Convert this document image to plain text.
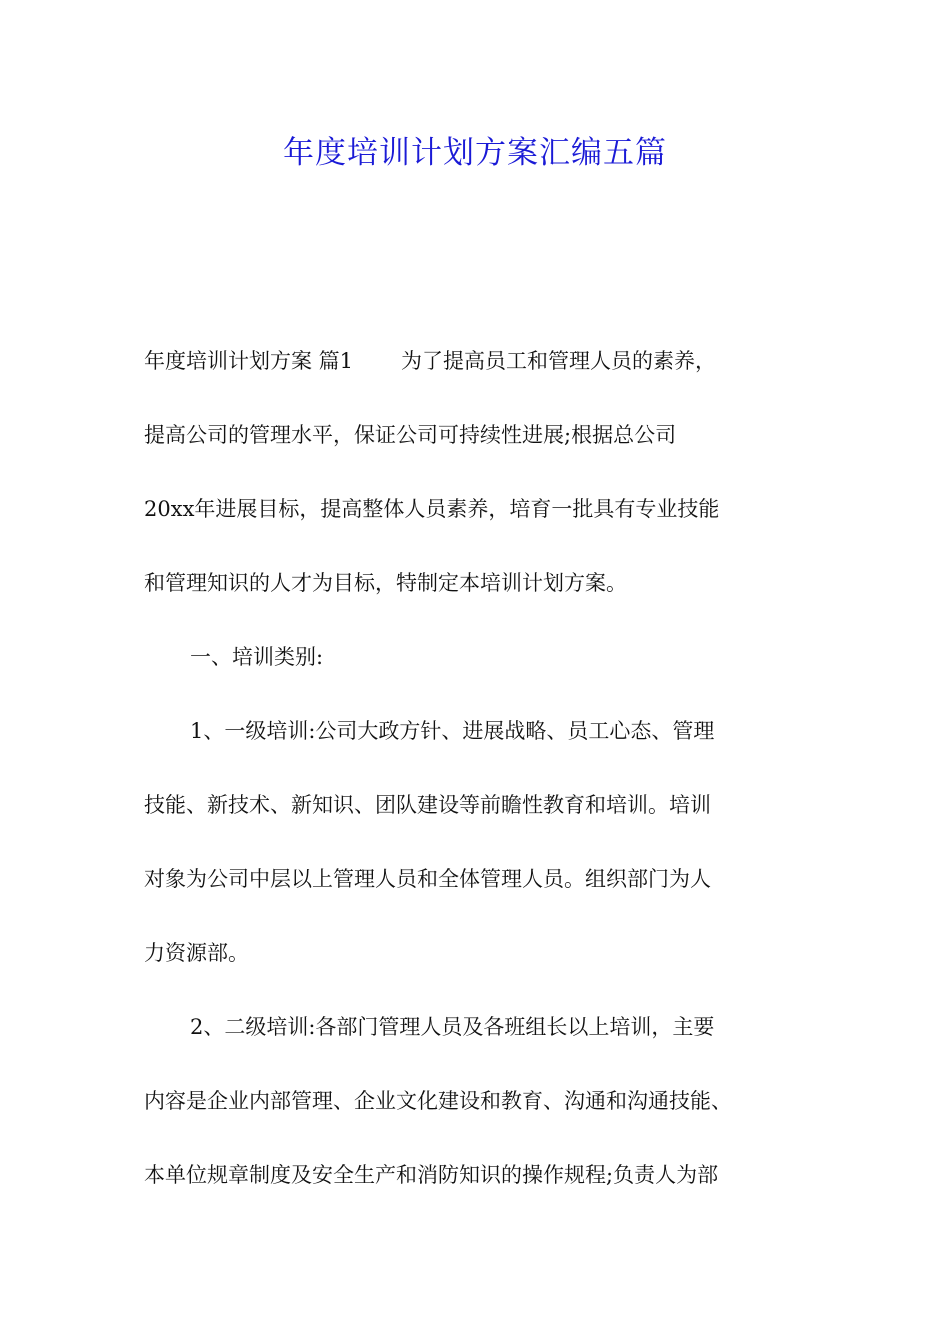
年度培训计划方案汇编五篇
年度培训计划方案 篇1 为了提高员工和管理人员的素养，
提高公司的管理水平，保证公司可持续性进展;根据总公司
20xx年进展目标，提高整体人员素养，培育一批具有专业技能
和管理知识的人才为目标，特制定本培训计划方案。
一、培训类别:
1、一级培训:公司大政方针、进展战略、员工心态、管理
技能、新技术、新知识、团队建设等前瞻性教育和培训。培训
对象为公司中层以上管理人员和全体管理人员。组织部门为人
力资源部。
2、二级培训:各部门管理人员及各班组长以上培训，主要
内容是企业内部管理、企业文化建设和教育、沟通和沟通技能、
本单位规章制度及安全生产和消防知识的操作规程;负责人为部
